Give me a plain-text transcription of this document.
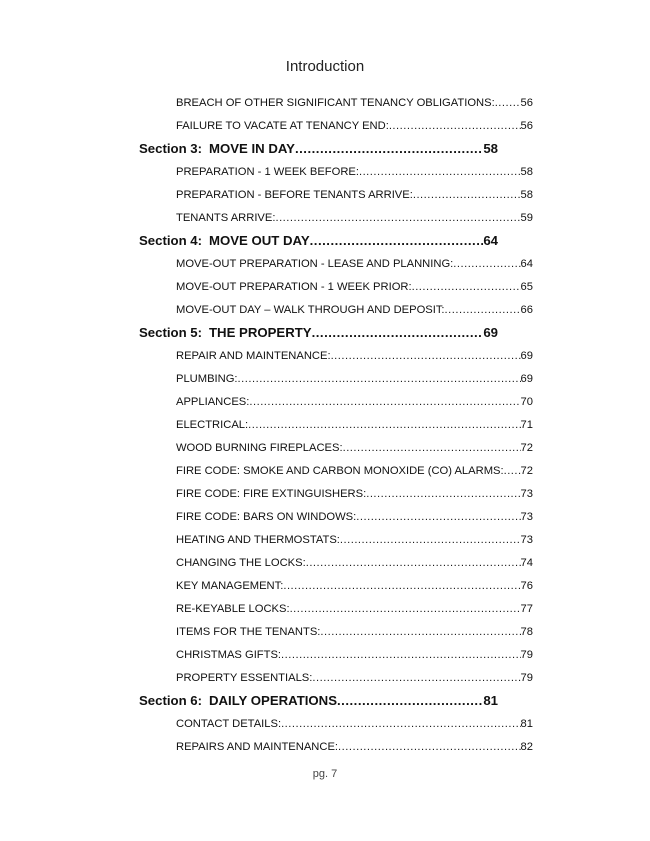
Introduction
BREACH OF OTHER SIGNIFICANT TENANCY OBLIGATIONS: ..... 56
FAILURE TO VACATE AT TENANCY END: .....	56
Section 3: MOVE IN DAY .....	58
PREPARATION - 1 WEEK BEFORE: .....	58
PREPARATION - BEFORE TENANTS ARRIVE: .....	58
TENANTS ARRIVE: .....	59
Section 4: MOVE OUT DAY .....	64
MOVE-OUT PREPARATION - LEASE AND PLANNING: .....	64
MOVE-OUT PREPARATION - 1 WEEK PRIOR: .....	65
MOVE-OUT DAY – WALK THROUGH AND DEPOSIT: .....	66
Section 5: THE PROPERTY .....	69
REPAIR AND MAINTENANCE: .....	69
PLUMBING: .....	69
APPLIANCES: .....	70
ELECTRICAL: .....	71
WOOD BURNING FIREPLACES: .....	72
FIRE CODE: SMOKE AND CARBON MONOXIDE (CO) ALARMS: ..... 72
FIRE CODE: FIRE EXTINGUISHERS: .....	73
FIRE CODE: BARS ON WINDOWS: .....	73
HEATING AND THERMOSTATS: .....	73
CHANGING THE LOCKS: .....	74
KEY MANAGEMENT: .....	76
RE-KEYABLE LOCKS: .....	77
ITEMS FOR THE TENANTS: .....	78
CHRISTMAS GIFTS: .....	79
PROPERTY ESSENTIALS: .....	79
Section 6: DAILY OPERATIONS .....	81
CONTACT DETAILS: .....	81
REPAIRS AND MAINTENANCE: .....	82
pg. 7
